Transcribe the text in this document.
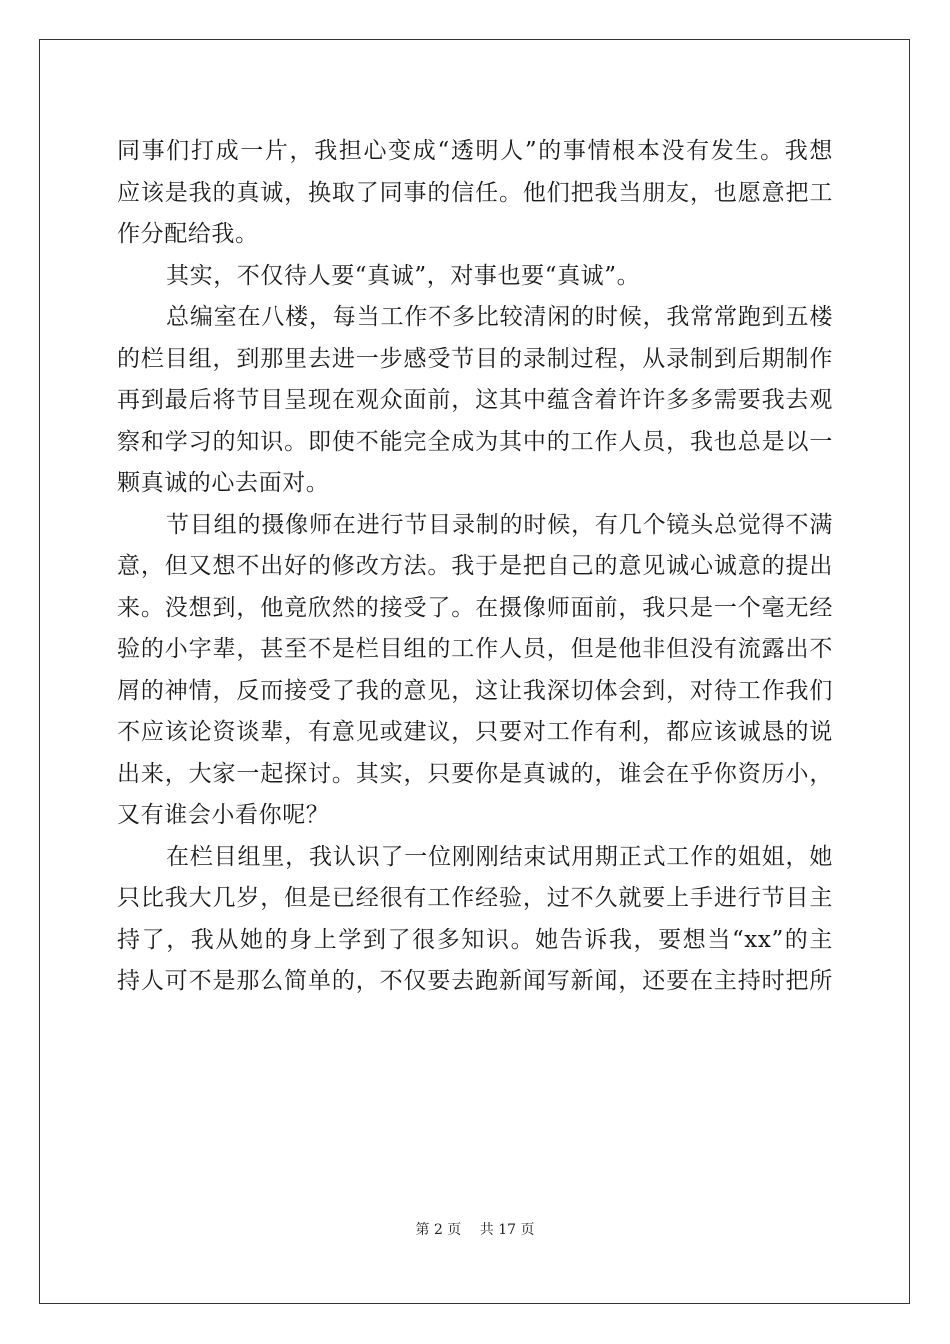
同事们打成一片，我担心变成“透明人”的事情根本没有发生。我想
应该是我的真诚，换取了同事的信任。他们把我当朋友，也愿意把工
作分配给我。
其实，不仅待人要“真诚”，对事也要“真诚”。
总编室在八楼，每当工作不多比较清闲的时候，我常常跑到五楼
的栏目组，到那里去进一步感受节目的录制过程，从录制到后期制作
再到最后将节目呈现在观众面前，这其中蕴含着许许多多需要我去观
察和学习的知识。即使不能完全成为其中的工作人员，我也总是以一
颗真诚的心去面对。
节目组的摄像师在进行节目录制的时候，有几个镜头总觉得不满
意，但又想不出好的修改方法。我于是把自己的意见诚心诚意的提出
来。没想到，他竟欣然的接受了。在摄像师面前，我只是一个毫无经
验的小字辈，甚至不是栏目组的工作人员，但是他非但没有流露出不
屑的神情，反而接受了我的意见，这让我深切体会到，对待工作我们
不应该论资谈辈，有意见或建议，只要对工作有利，都应该诚恳的说
出来，大家一起探讨。其实，只要你是真诚的，谁会在乎你资历小，
又有谁会小看你呢？
在栏目组里，我认识了一位刚刚结束试用期正式工作的姐姐，她
只比我大几岁，但是已经很有工作经验，过不久就要上手进行节目主
持了，我从她的身上学到了很多知识。她告诉我，要想当“xx”的主
持人可不是那么简单的，不仅要去跑新闻写新闻，还要在主持时把所
第 2 页 共 17 页
